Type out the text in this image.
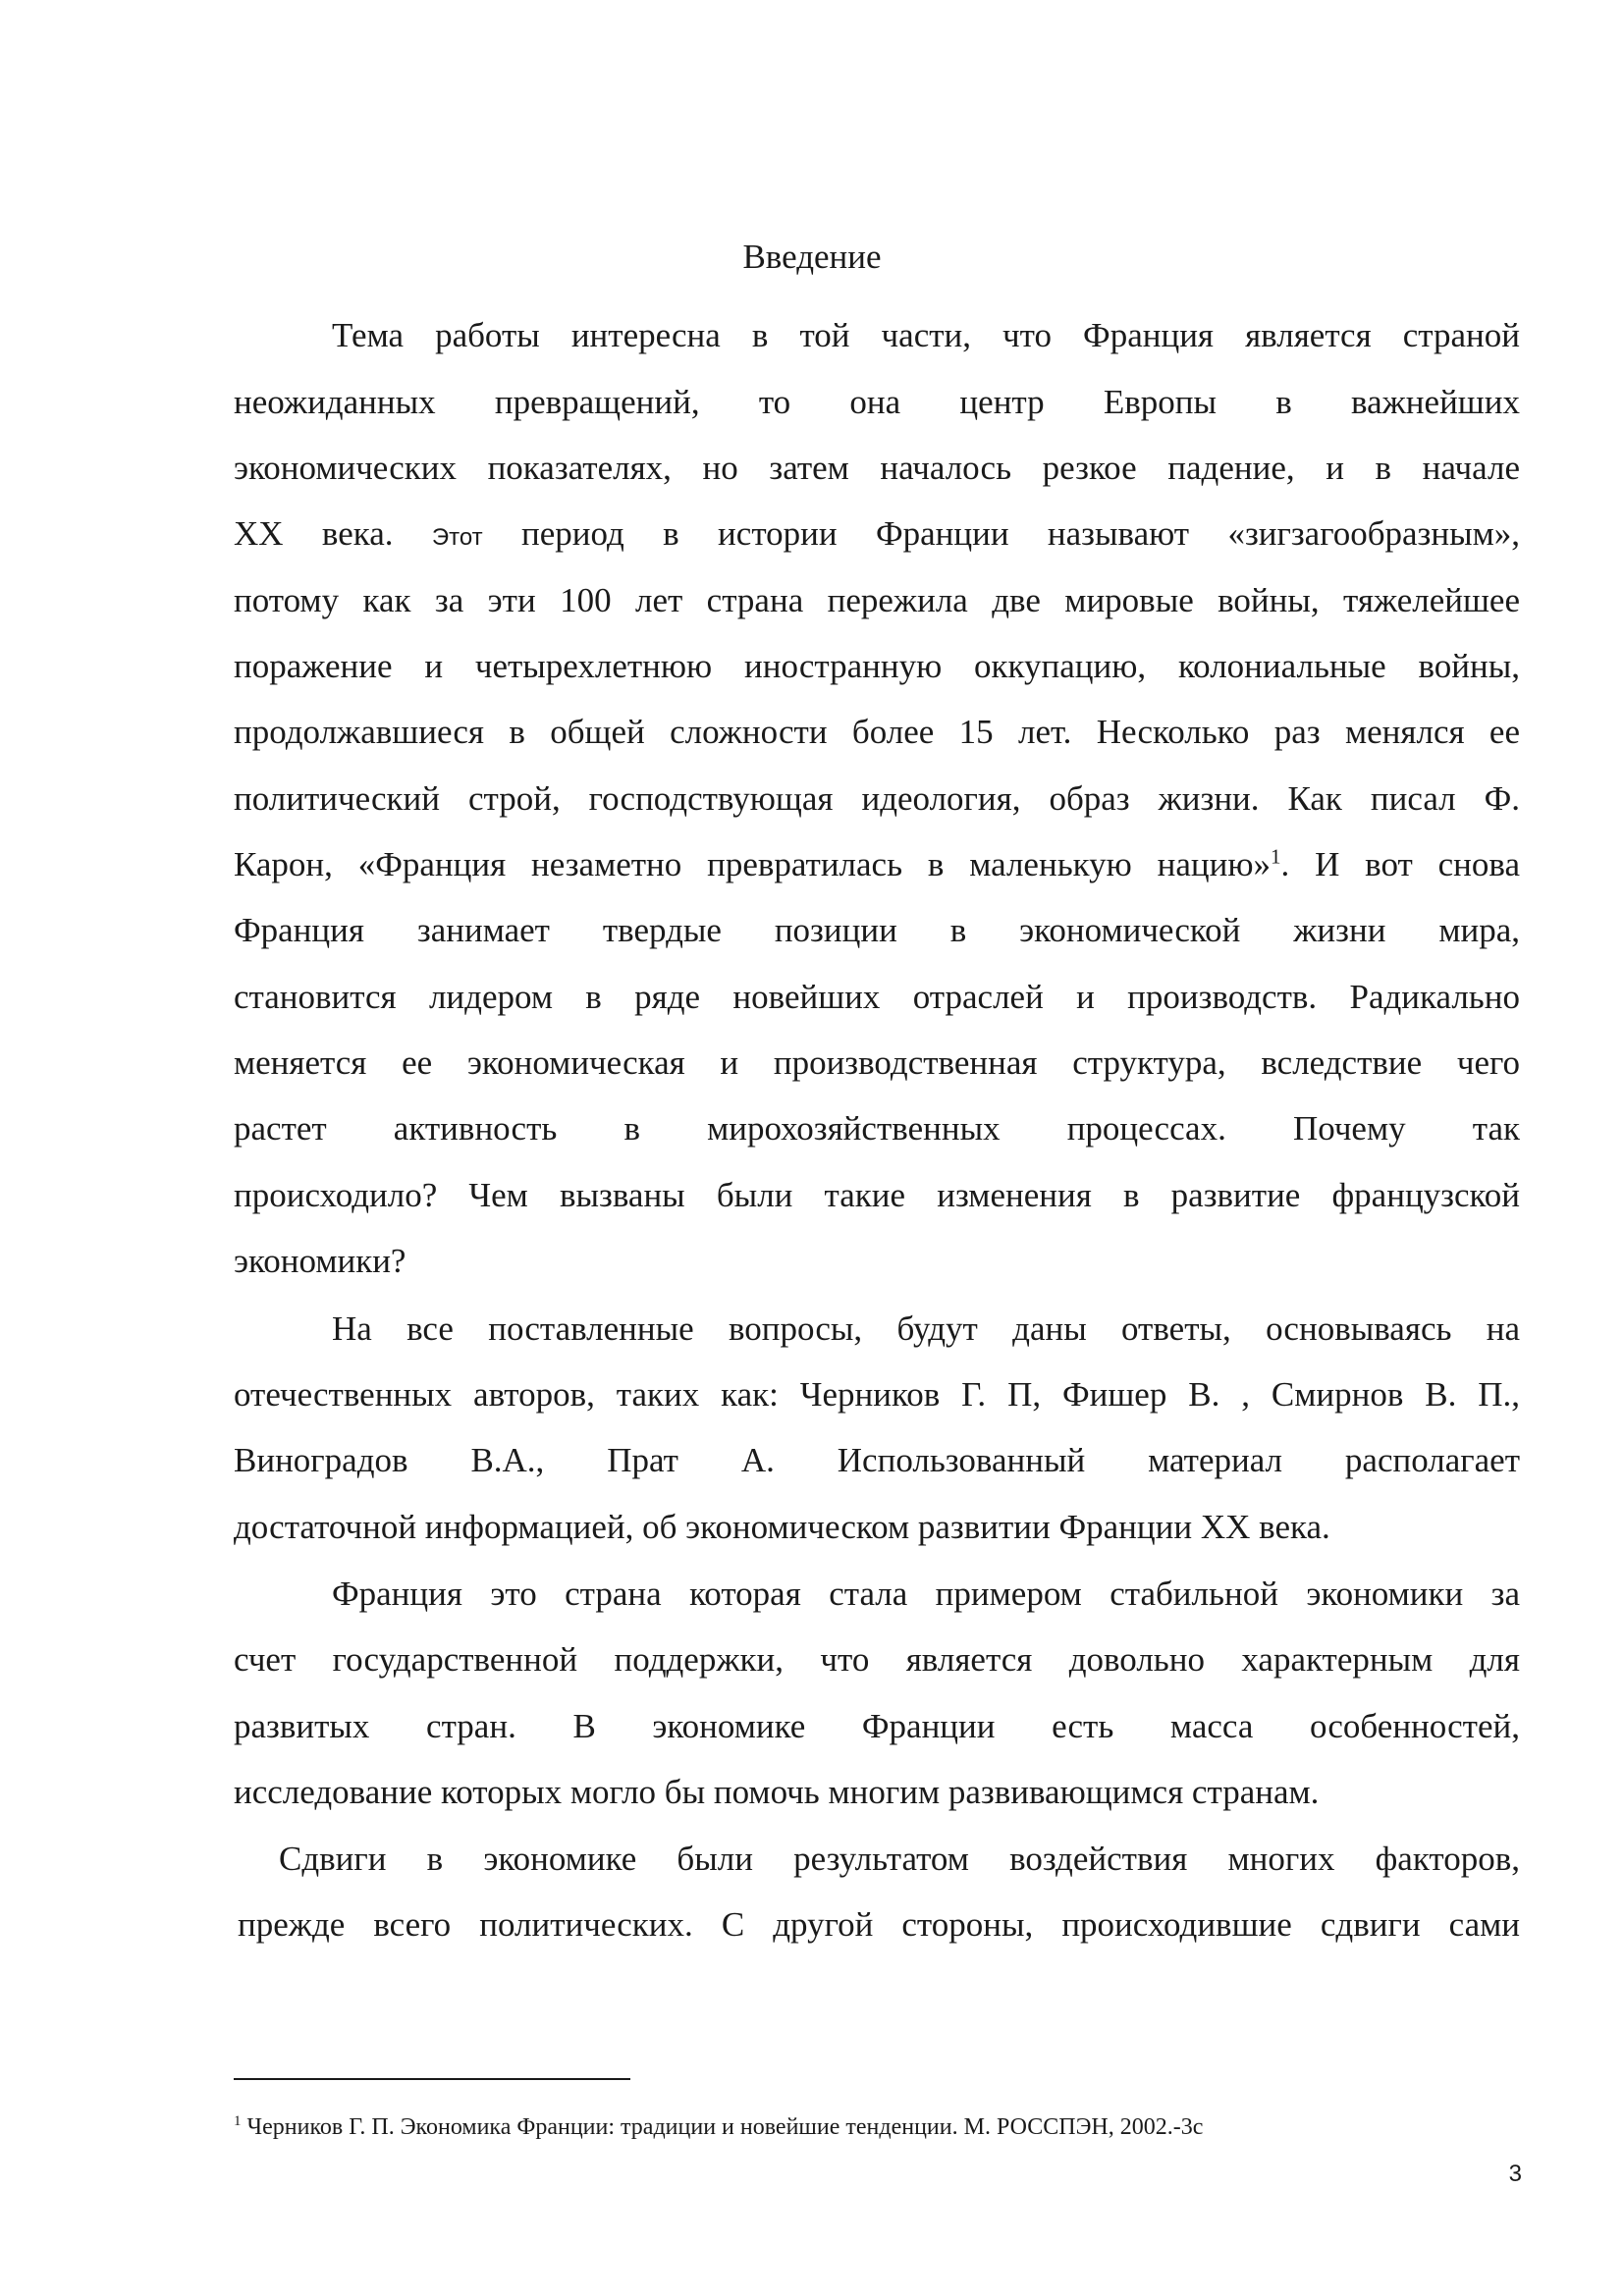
Введение

Тема работы интересна в той части, что Франция является страной

неожиданных превращений, то она центр Европы в важнейших

экономических показателях, но затем началось резкое падение, и в начале

XX века. Этот период в истории Франции называют «зигзагообразным»,

потому как за эти 100 лет страна пережила две мировые войны, тяжелейшее

поражение и четырехлетнюю иностранную оккупацию, колониальные войны,

продолжавшиеся в общей сложности более 15 лет. Несколько раз менялся ее

политический строй, господствующая идеология, образ жизни. Как писал Ф.

Карон, «Франция незаметно превратилась в маленькую нацию»$^1$. И вот снова

Франция занимает твердые позиции в экономической жизни мира,

становится лидером в ряде новейших отраслей и производств. Радикально

меняется ее экономическая и производственная структура, вследствие чего

растет активность в мирохозяйственных процессах. Почему так

происходило? Чем вызваны были такие изменения в развитие французской

экономики?

На все поставленные вопросы, будут даны ответы, основываясь на

отечественных авторов, таких как: Черников Г. П, Фишер В. , Смирнов В. П.,

Виноградов В.А., Прат А. Использованный материал располагает

достаточной информацией, об экономическом развитии Франции XX века.

Франция это страна которая стала примером стабильной экономики за

счет государственной поддержки, что является довольно характерным для

развитых стран. В экономике Франции есть масса особенностей,

исследование которых могло бы помочь многим развивающимся странам.

Сдвиги в экономике были результатом воздействия многих факторов,

прежде всего политических. С другой стороны, происходившие сдвиги сами

$^1$ Черников Г. П. Экономика Франции: традиции и новейшие тенденции. М. РОССПЭН, 2002.-3с
3
